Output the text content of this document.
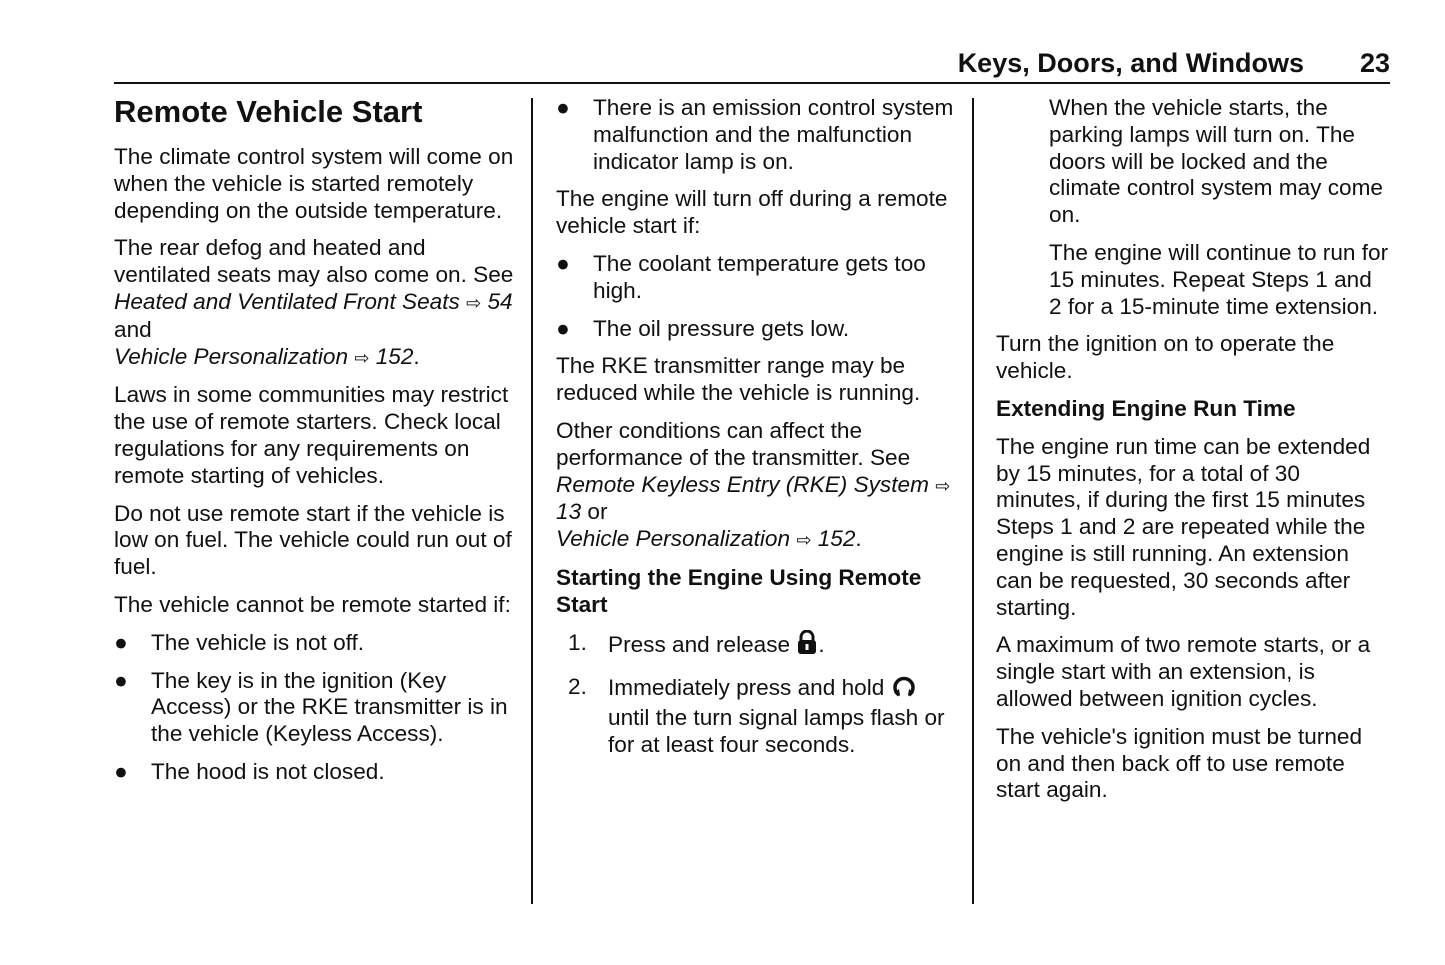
Keys, Doors, and Windows 23
Remote Vehicle Start

The climate control system will come on when the vehicle is started remotely depending on the outside temperature.

The rear defog and heated and ventilated seats may also come on. See Heated and Ventilated Front Seats ⇨ 54 and
Vehicle Personalization ⇨ 152.

Laws in some communities may restrict the use of remote starters. Check local regulations for any requirements on remote starting of vehicles.

Do not use remote start if the vehicle is low on fuel. The vehicle could run out of fuel.

The vehicle cannot be remote started if:

● The vehicle is not off.
● The key is in the ignition (Key Access) or the RKE transmitter is in the vehicle (Keyless Access).
● The hood is not closed.
● There is an emission control system malfunction and the malfunction indicator lamp is on.

The engine will turn off during a remote vehicle start if:

● The coolant temperature gets too high.
● The oil pressure gets low.

The RKE transmitter range may be reduced while the vehicle is running.

Other conditions can affect the performance of the transmitter. See Remote Keyless Entry (RKE) System ⇨ 13 or
Vehicle Personalization ⇨ 152.

Starting the Engine Using Remote Start
1. Press and release .
2. Immediately press and hold
until the turn signal lamps flash or for at least four seconds.

When the vehicle starts, the parking lamps will turn on. The doors will be locked and the climate control system may come on.

The engine will continue to run for 15 minutes. Repeat Steps 1 and 2 for a 15-minute time extension.

Turn the ignition on to operate the vehicle.

Extending Engine Run Time

The engine run time can be extended by 15 minutes, for a total of 30 minutes, if during the first 15 minutes Steps 1 and 2 are repeated while the engine is still running. An extension can be requested, 30 seconds after starting.

A maximum of two remote starts, or a single start with an extension, is allowed between ignition cycles.

The vehicle's ignition must be turned on and then back off to use remote start again.
